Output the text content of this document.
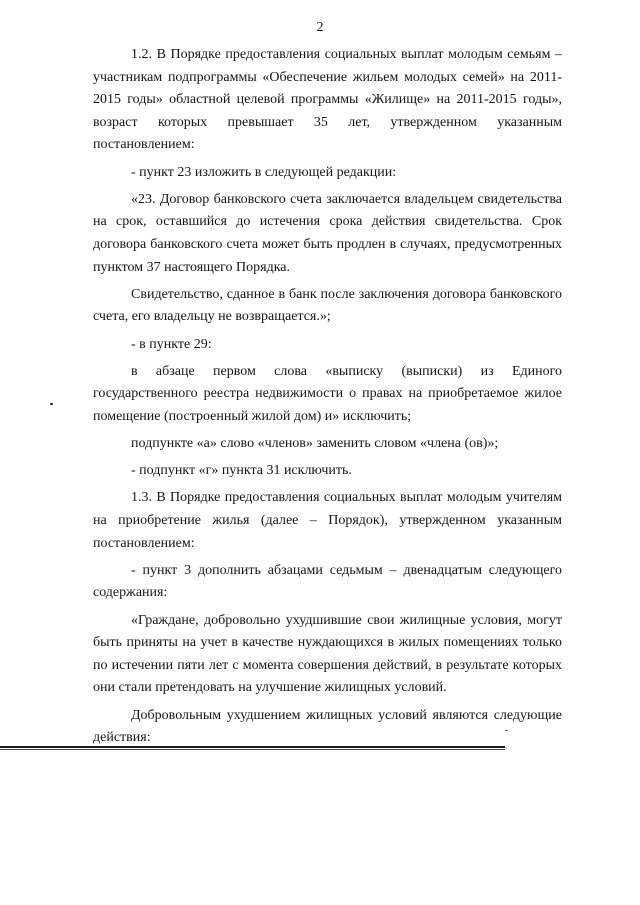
2

1.2. В Порядке предоставления социальных выплат молодым семьям – участникам подпрограммы «Обеспечение жильем молодых семей» на 2011-2015 годы» областной целевой программы «Жилище» на 2011-2015 годы», возраст которых превышает 35 лет, утвержденном указанным постановлением:

- пункт 23 изложить в следующей редакции:

«23. Договор банковского счета заключается владельцем свидетельства на срок, оставшийся до истечения срока действия свидетельства. Срок договора банковского счета может быть продлен в случаях, предусмотренных пунктом 37 настоящего Порядка.

Свидетельство, сданное в банк после заключения договора банковского счета, его владельцу не возвращается.»;

- в пункте 29:

в абзаце первом слова «выписку (выписки) из Единого государственного реестра недвижимости о правах на приобретаемое жилое помещение (построенный жилой дом) и» исключить;

подпункте «а» слово «членов» заменить словом «члена (ов)»;

- подпункт «г» пункта 31 исключить.

1.3. В Порядке предоставления социальных выплат молодым учителям на приобретение жилья (далее – Порядок), утвержденном указанным постановлением:

- пункт 3 дополнить абзацами седьмым – двенадцатым следующего содержания:

«Граждане, добровольно ухудшившие свои жилищные условия, могут быть приняты на учет в качестве нуждающихся в жилых помещениях только по истечении пяти лет с момента совершения действий, в результате которых они стали претендовать на улучшение жилищных условий.

Добровольным ухудшением жилищных условий являются следующие действия:
